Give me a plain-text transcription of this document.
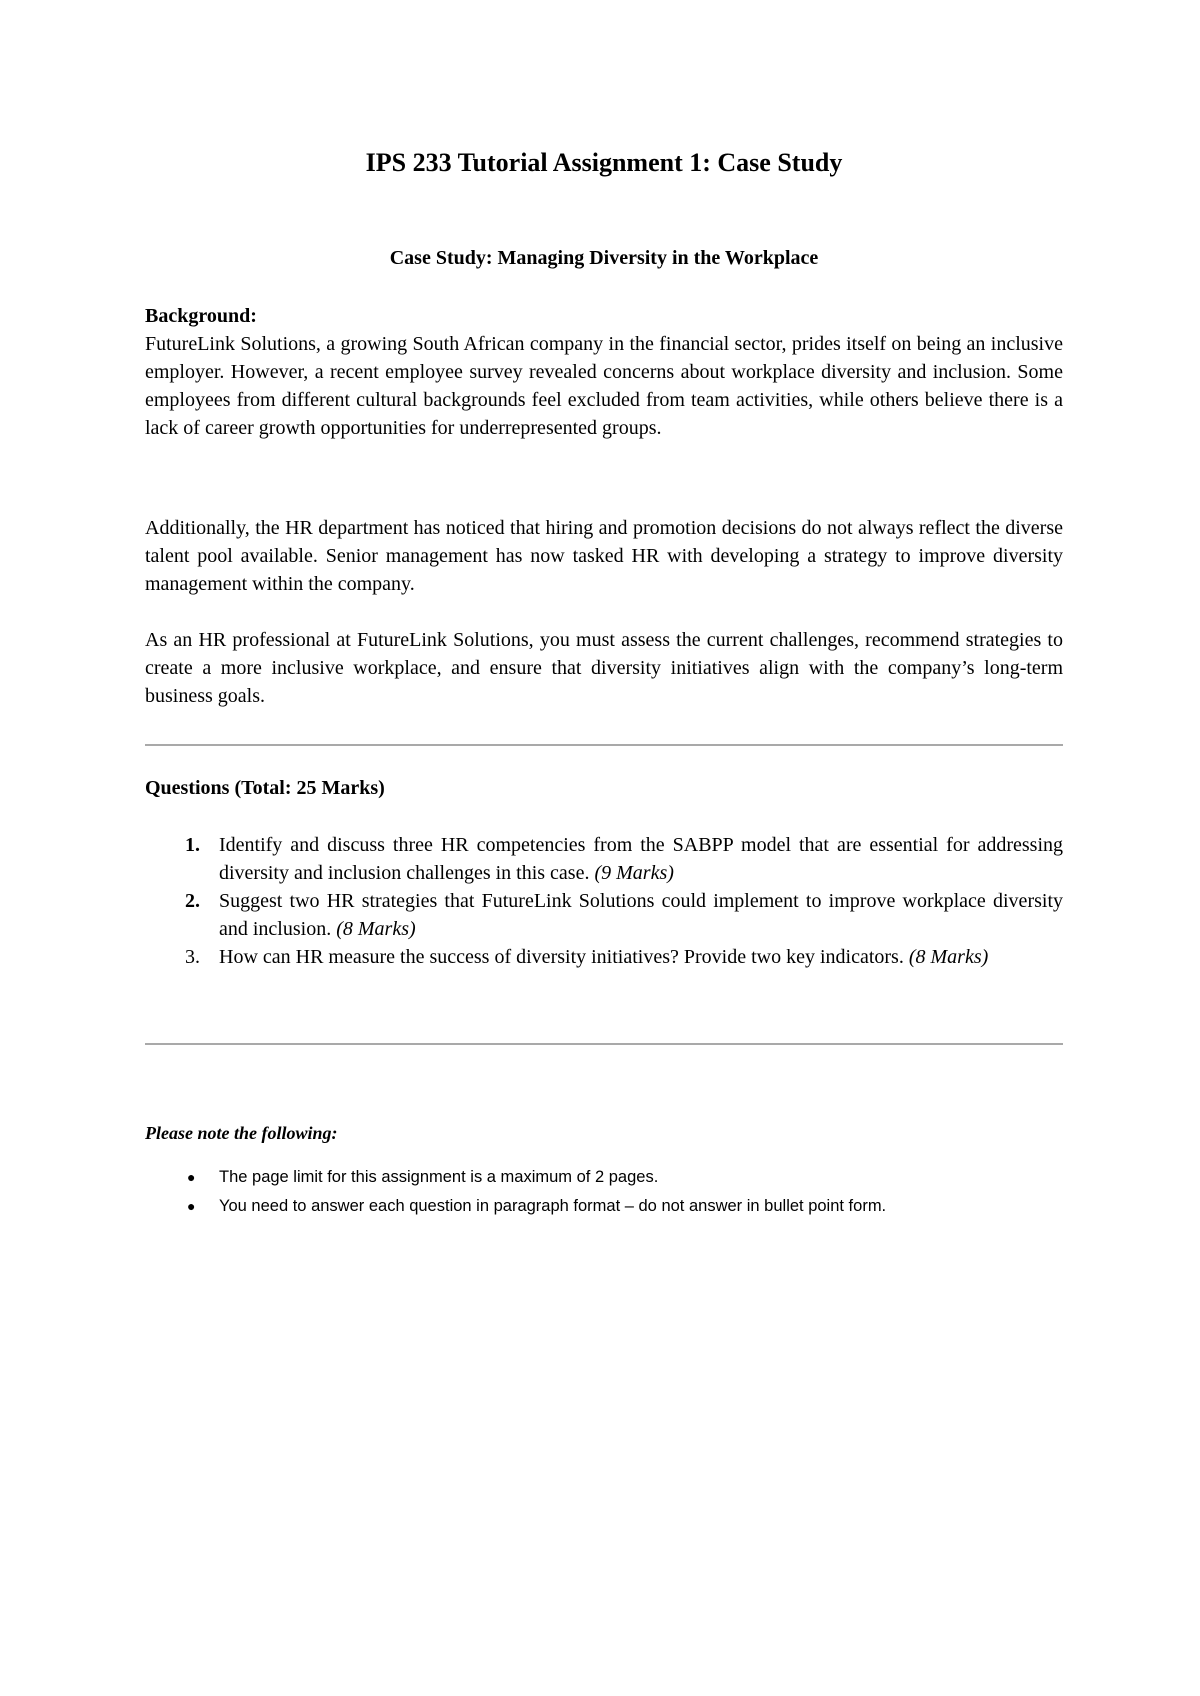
IPS 233 Tutorial Assignment 1: Case Study
Case Study: Managing Diversity in the Workplace

Background:

FutureLink Solutions, a growing South African company in the financial sector, prides itself on being an inclusive employer. However, a recent employee survey revealed concerns about workplace diversity and inclusion. Some employees from different cultural backgrounds feel excluded from team activities, while others believe there is a lack of career growth opportunities for underrepresented groups.

Additionally, the HR department has noticed that hiring and promotion decisions do not always reflect the diverse talent pool available. Senior management has now tasked HR with developing a strategy to improve diversity management within the company.

As an HR professional at FutureLink Solutions, you must assess the current challenges, recommend strategies to create a more inclusive workplace, and ensure that diversity initiatives align with the company’s long-term business goals.

Questions (Total: 25 Marks)
1. Identify and discuss three HR competencies from the SABPP model that are essential for addressing diversity and inclusion challenges in this case. (9 Marks)
2. Suggest two HR strategies that FutureLink Solutions could implement to improve workplace diversity and inclusion. (8 Marks)
3. How can HR measure the success of diversity initiatives? Provide two key indicators. (8 Marks)
Please note the following:
● The page limit for this assignment is a maximum of 2 pages.
● You need to answer each question in paragraph format – do not answer in bullet point form.
